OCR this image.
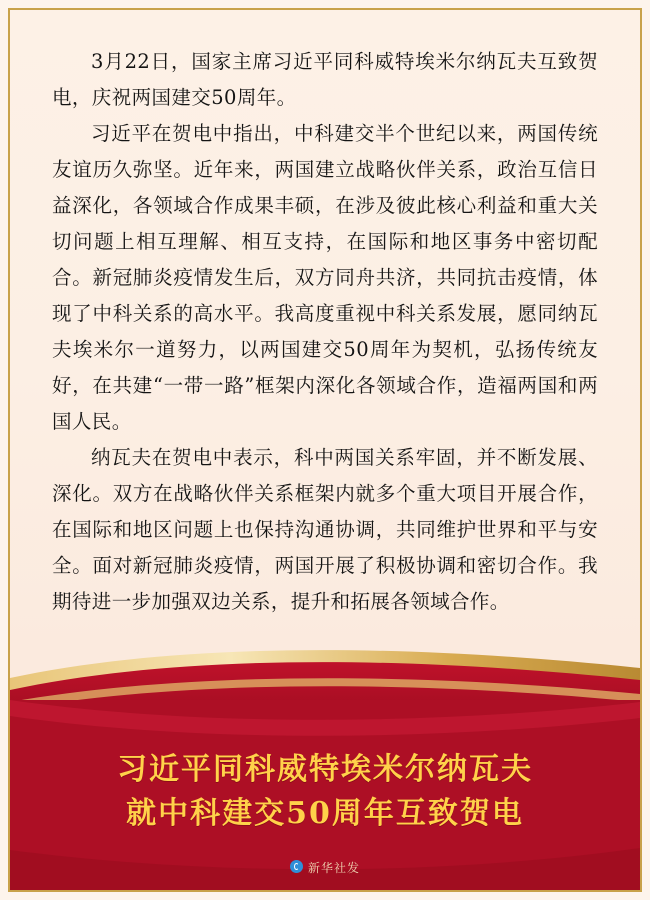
3月22日，国家主席习近平同科威特埃米尔纳瓦夫互致贺电，庆祝两国建交50周年。

习近平在贺电中指出，中科建交半个世纪以来，两国传统友谊历久弥坚。近年来，两国建立战略伙伴关系，政治互信日益深化，各领域合作成果丰硕，在涉及彼此核心利益和重大关切问题上相互理解、相互支持，在国际和地区事务中密切配合。新冠肺炎疫情发生后，双方同舟共济，共同抗击疫情，体现了中科关系的高水平。我高度重视中科关系发展，愿同纳瓦夫埃米尔一道努力，以两国建交50周年为契机，弘扬传统友好，在共建“一带一路”框架内深化各领域合作，造福两国和两国人民。

纳瓦夫在贺电中表示，科中两国关系牢固，并不断发展、深化。双方在战略伙伴关系框架内就多个重大项目开展合作，在国际和地区问题上也保持沟通协调，共同维护世界和平与安全。面对新冠肺炎疫情，两国开展了积极协调和密切合作。我期待进一步加强双边关系，提升和拓展各领域合作。

习近平同科威特埃米尔纳瓦夫
就中科建交50周年互致贺电
新华社发
